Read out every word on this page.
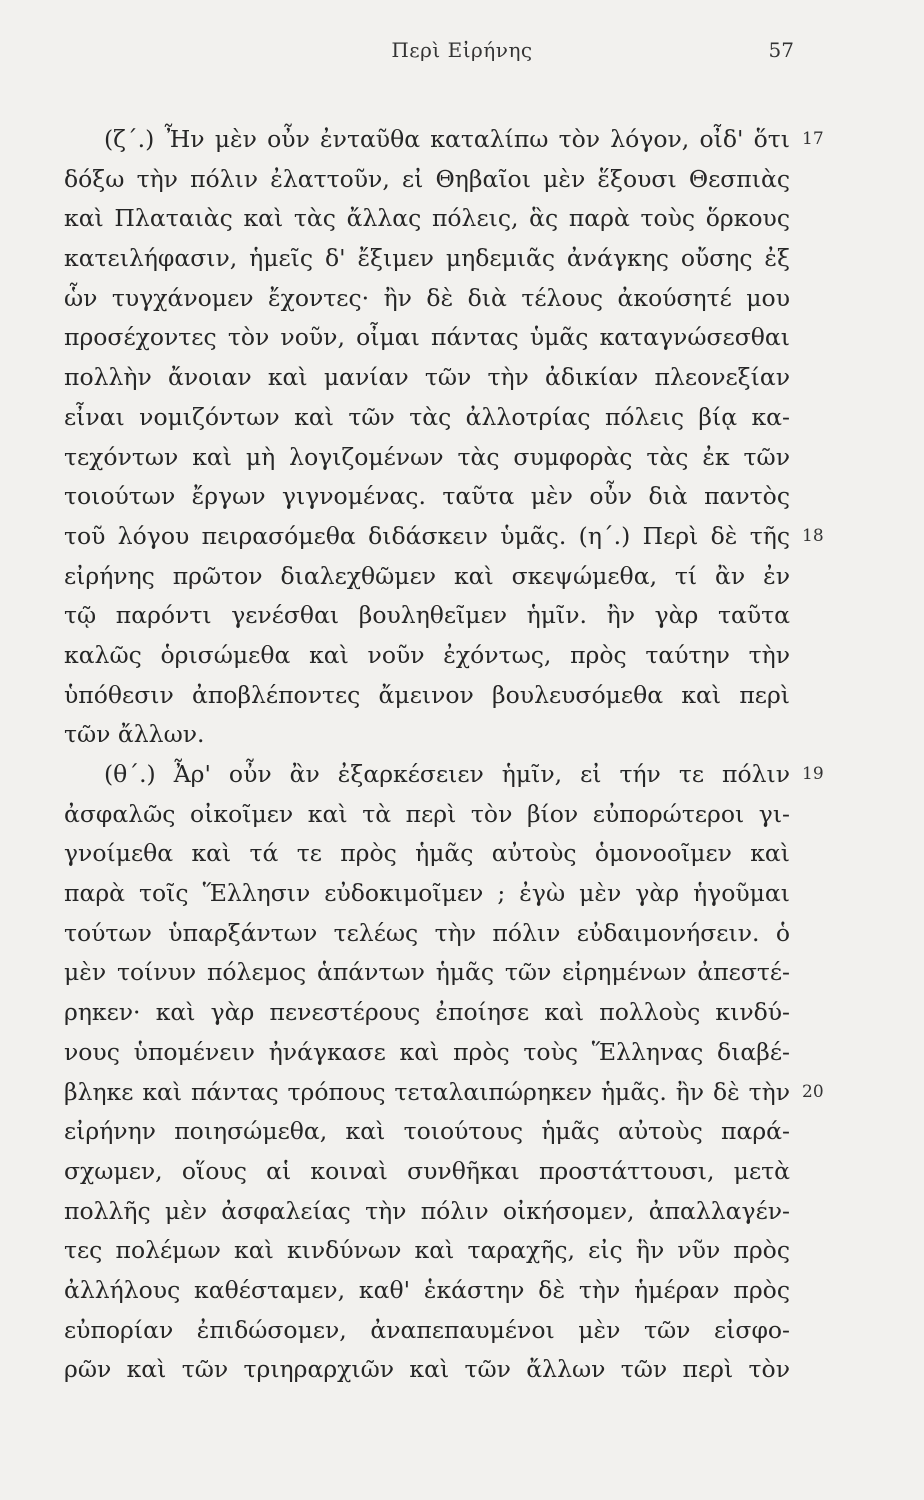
Περὶ Εἰρήνης	57
(ζ΄.) Ἦν μὲν οὖν ἐνταῦθα καταλίπω τὸν λόγον, οἶδ' ὅτι 17
δόξω τὴν πόλιν ἐλαττοῦν, εἰ Θηβαῖοι μὲν ἕξουσι Θεσπιὰς
καὶ Πλαταιὰς καὶ τὰς ἄλλας πόλεις, ἃς παρὰ τοὺς ὅρκους
κατειλήφασιν, ἡμεῖς δ' ἔξιμεν μηδεμιᾶς ἀνάγκης οὔσης ἐξ
ὧν τυγχάνομεν ἔχοντες· ἢν δὲ διὰ τέλους ἀκούσητέ μου
προσέχοντες τὸν νοῦν, οἶμαι πάντας ὑμᾶς καταγνώσεσθαι
πολλὴν ἄνοιαν καὶ μανίαν τῶν τὴν ἀδικίαν πλεονεξίαν
εἶναι νομιζόντων καὶ τῶν τὰς ἀλλοτρίας πόλεις βίᾳ κα-
τεχόντων καὶ μὴ λογιζομένων τὰς συμφορὰς τὰς ἐκ τῶν
τοιούτων ἔργων γιγνομένας. ταῦτα μὲν οὖν διὰ παντὸς
τοῦ λόγου πειρασόμεθα διδάσκειν ὑμᾶς. (η΄.) Περὶ δὲ τῆς 18
εἰρήνης πρῶτον διαλεχθῶμεν καὶ σκεψώμεθα, τί ἂν ἐν
τῷ παρόντι γενέσθαι βουληθεῖμεν ἡμῖν. ἢν γὰρ ταῦτα
καλῶς ὁρισώμεθα καὶ νοῦν ἐχόντως, πρὸς ταύτην τὴν
ὑπόθεσιν ἀποβλέποντες ἄμεινον βουλευσόμεθα καὶ περὶ
τῶν ἄλλων.
(θ΄.) Ἆρ' οὖν ἂν ἐξαρκέσειεν ἡμῖν, εἰ τήν τε πόλιν 19
ἀσφαλῶς οἰκοῖμεν καὶ τὰ περὶ τὸν βίον εὐπορώτεροι γι-
γνοίμεθα καὶ τά τε πρὸς ἡμᾶς αὐτοὺς ὁμονοοῖμεν καὶ
παρὰ τοῖς Ἕλλησιν εὐδοκιμοῖμεν ; ἐγὼ μὲν γὰρ ἡγοῦμαι
τούτων ὑπαρξάντων τελέως τὴν πόλιν εὐδαιμονήσειν. ὁ
μὲν τοίνυν πόλεμος ἁπάντων ἡμᾶς τῶν εἰρημένων ἀπεστέ-
ρηκεν· καὶ γὰρ πενεστέρους ἐποίησε καὶ πολλοὺς κινδύ-
νους ὑπομένειν ἠνάγκασε καὶ πρὸς τοὺς Ἕλληνας διαβέ-
βληκε καὶ πάντας τρόπους τεταλαιπώρηκεν ἡμᾶς. ἢν δὲ τὴν 20
εἰρήνην ποιησώμεθα, καὶ τοιούτους ἡμᾶς αὐτοὺς παρά-
σχωμεν, οἵους αἱ κοιναὶ συνθῆκαι προστάττουσι, μετὰ
πολλῆς μὲν ἀσφαλείας τὴν πόλιν οἰκήσομεν, ἀπαλλαγέν-
τες πολέμων καὶ κινδύνων καὶ ταραχῆς, εἰς ἣν νῦν πρὸς
ἀλλήλους καθέσταμεν, καθ' ἑκάστην δὲ τὴν ἡμέραν πρὸς
εὐπορίαν ἐπιδώσομεν, ἀναπεπαυμένοι μὲν τῶν εἰσφο-
ρῶν καὶ τῶν τριηραρχιῶν καὶ τῶν ἄλλων τῶν περὶ τὸν
